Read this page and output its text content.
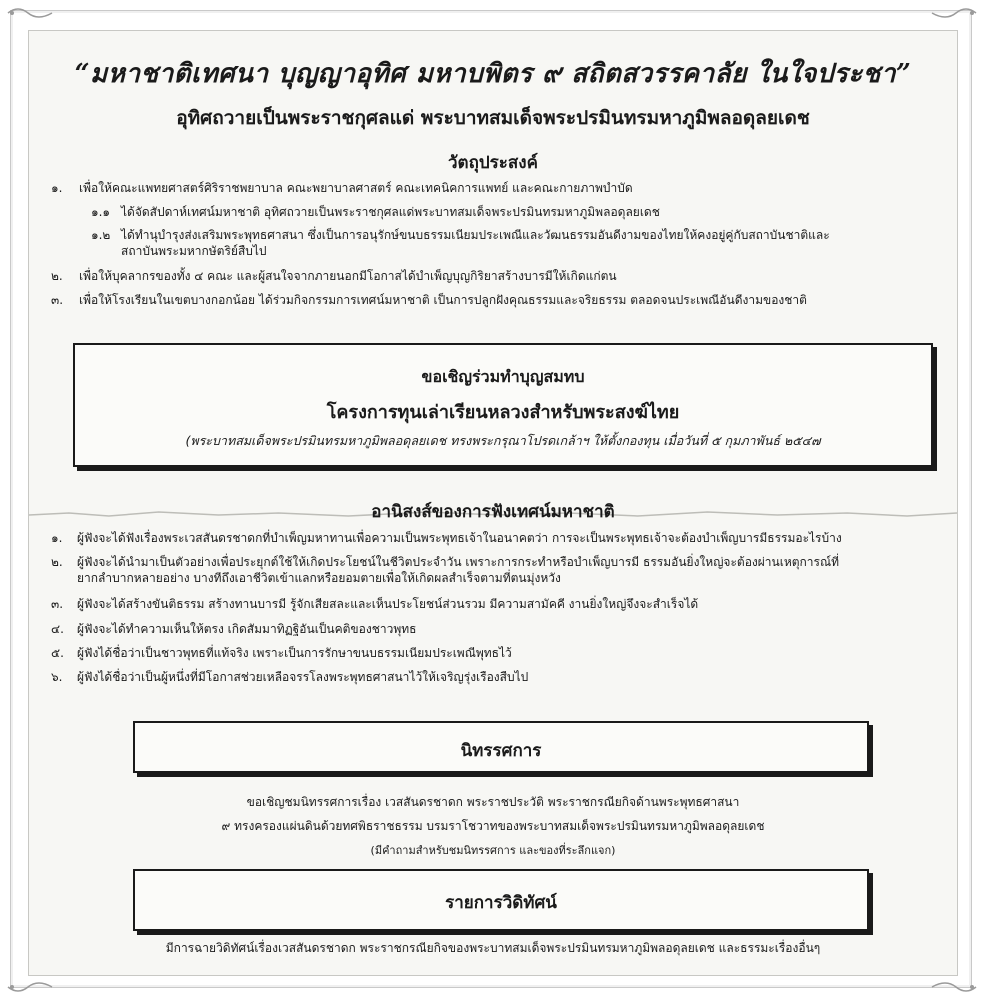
“มหาชาติเทศนา บุญญาอุทิศ มหาบพิตร ๙ สถิตสวรรคาลัย ในใจประชา”
อุทิศถวายเป็นพระราชกุศลแด่ พระบาทสมเด็จพระปรมินทรมหาภูมิพลอดุลยเดช
วัตถุประสงค์
๑. เพื่อให้คณะแพทยศาสตร์ศิริราชพยาบาล คณะพยาบาลศาสตร์ คณะเทคนิคการแพทย์ และคณะกายภาพบำบัด
๑.๑ ได้จัดสัปดาห์เทศน์มหาชาติ อุทิศถวายเป็นพระราชกุศลแด่พระบาทสมเด็จพระปรมินทรมหาภูมิพลอดุลยเดช
๑.๒ ได้ทำนุบำรุงส่งเสริมพระพุทธศาสนา ซึ่งเป็นการอนุรักษ์ขนบธรรมเนียมประเพณีและวัฒนธรรมอันดีงามของไทยให้คงอยู่คู่กับสถาบันชาติและ
สถาบันพระมหากษัตริย์สืบไป
๒. เพื่อให้บุคลากรของทั้ง ๔ คณะ และผู้สนใจจากภายนอกมีโอกาสได้บำเพ็ญบุญกิริยาสร้างบารมีให้เกิดแก่ตน
๓. เพื่อให้โรงเรียนในเขตบางกอกน้อย ได้ร่วมกิจกรรมการเทศน์มหาชาติ เป็นการปลูกฝังคุณธรรมและจริยธรรม ตลอดจนประเพณีอันดีงามของชาติ
ขอเชิญร่วมทำบุญสมทบ
โครงการทุนเล่าเรียนหลวงสำหรับพระสงฆ์ไทย
(พระบาทสมเด็จพระปรมินทรมหาภูมิพลอดุลยเดช ทรงพระกรุณาโปรดเกล้าฯ ให้ตั้งกองทุน เมื่อวันที่ ๕ กุมภาพันธ์ ๒๕๔๗
อานิสงส์ของการฟังเทศน์มหาชาติ
๑. ผู้ฟังจะได้ฟังเรื่องพระเวสสันดรชาดกที่บำเพ็ญมหาทานเพื่อความเป็นพระพุทธเจ้าในอนาคตว่า การจะเป็นพระพุทธเจ้าจะต้องบำเพ็ญบารมีธรรมอะไรบ้าง
๒. ผู้ฟังจะได้นำมาเป็นตัวอย่างเพื่อประยุกต์ใช้ให้เกิดประโยชน์ในชีวิตประจำวัน เพราะการกระทำหรือบำเพ็ญบารมี ธรรมอันยิ่งใหญ่จะต้องผ่านเหตุการณ์ที่
ยากลำบากหลายอย่าง บางทีถึงเอาชีวิตเข้าแลกหรือยอมตายเพื่อให้เกิดผลสำเร็จตามที่ตนมุ่งหวัง
๓. ผู้ฟังจะได้สร้างขันติธรรม สร้างทานบารมี รู้จักเสียสละและเห็นประโยชน์ส่วนรวม มีความสามัคคี งานยิ่งใหญ่จึงจะสำเร็จได้
๔. ผู้ฟังจะได้ทำความเห็นให้ตรง เกิดสัมมาทิฏฐิอันเป็นคติของชาวพุทธ
๕. ผู้ฟังได้ชื่อว่าเป็นชาวพุทธที่แท้จริง เพราะเป็นการรักษาขนบธรรมเนียมประเพณีพุทธไว้
๖. ผู้ฟังได้ชื่อว่าเป็นผู้หนึ่งที่มีโอกาสช่วยเหลือจรรโลงพระพุทธศาสนาไว้ให้เจริญรุ่งเรืองสืบไป
นิทรรศการ
ขอเชิญชมนิทรรศการเรื่อง เวสสันดรชาดก พระราชประวัติ พระราชกรณียกิจด้านพระพุทธศาสนา
๙ ทรงครองแผ่นดินด้วยทศพิธราชธรรม บรมราโชวาทของพระบาทสมเด็จพระปรมินทรมหาภูมิพลอดุลยเดช
(มีคำถามสำหรับชมนิทรรศการ และของที่ระลึกแจก)
รายการวิดิทัศน์
มีการฉายวิดิทัศน์เรื่องเวสสันดรชาดก พระราชกรณียกิจของพระบาทสมเด็จพระปรมินทรมหาภูมิพลอดุลยเดช และธรรมะเรื่องอื่นๆ
